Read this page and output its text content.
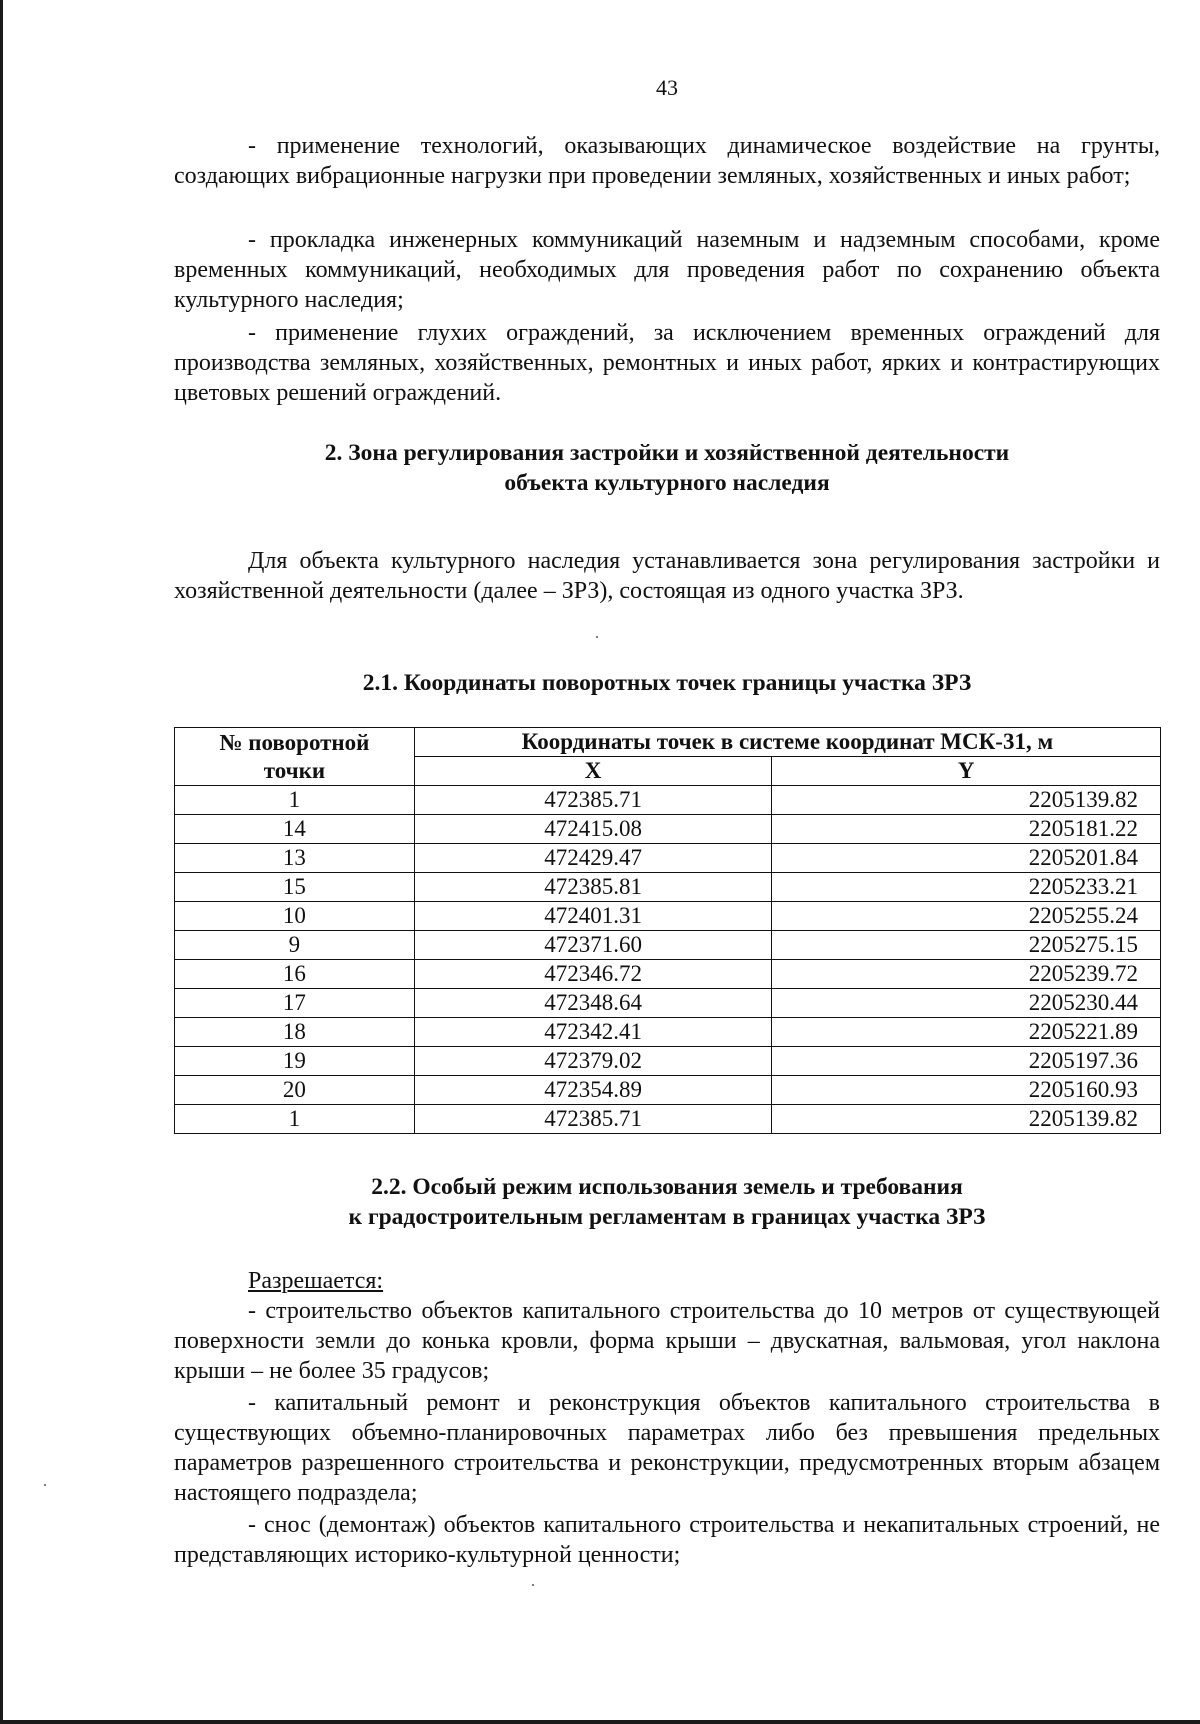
43

- применение технологий, оказывающих динамическое воздействие на грунты, создающих вибрационные нагрузки при проведении земляных, хозяйственных и иных работ;

- прокладка инженерных коммуникаций наземным и надземным способами, кроме временных коммуникаций, необходимых для проведения работ по сохранению объекта культурного наследия;

- применение глухих ограждений, за исключением временных ограждений для производства земляных, хозяйственных, ремонтных и иных работ, ярких и контрастирующих цветовых решений ограждений.

2. Зона регулирования застройки и хозяйственной деятельности
объекта культурного наследия

Для объекта культурного наследия устанавливается зона регулирования застройки и хозяйственной деятельности (далее – ЗРЗ), состоящая из одного участка ЗРЗ.

2.1. Координаты поворотных точек границы участка ЗРЗ
№ поворотной
точки	Координаты точек в системе координат МСК-31, м	
	X	Y
1	472385.71	2205139.82
14	472415.08	2205181.22
13	472429.47	2205201.84
15	472385.81	2205233.21
10	472401.31	2205255.24
9	472371.60	2205275.15
16	472346.72	2205239.72
17	472348.64	2205230.44
18	472342.41	2205221.89
19	472379.02	2205197.36
20	472354.89	2205160.93
1	472385.71	2205139.82
2.2. Особый режим использования земель и требования
к градостроительным регламентам в границах участка ЗРЗ

Разрешается:

- строительство объектов капитального строительства до 10 метров от существующей поверхности земли до конька кровли, форма крыши – двускатная, вальмовая, угол наклона крыши – не более 35 градусов;

- капитальный ремонт и реконструкция объектов капитального строительства в существующих объемно-планировочных параметрах либо без превышения предельных параметров разрешенного строительства и реконструкции, предусмотренных вторым абзацем настоящего подраздела;

- снос (демонтаж) объектов капитального строительства и некапитальных строений, не представляющих историко-культурной ценности;
